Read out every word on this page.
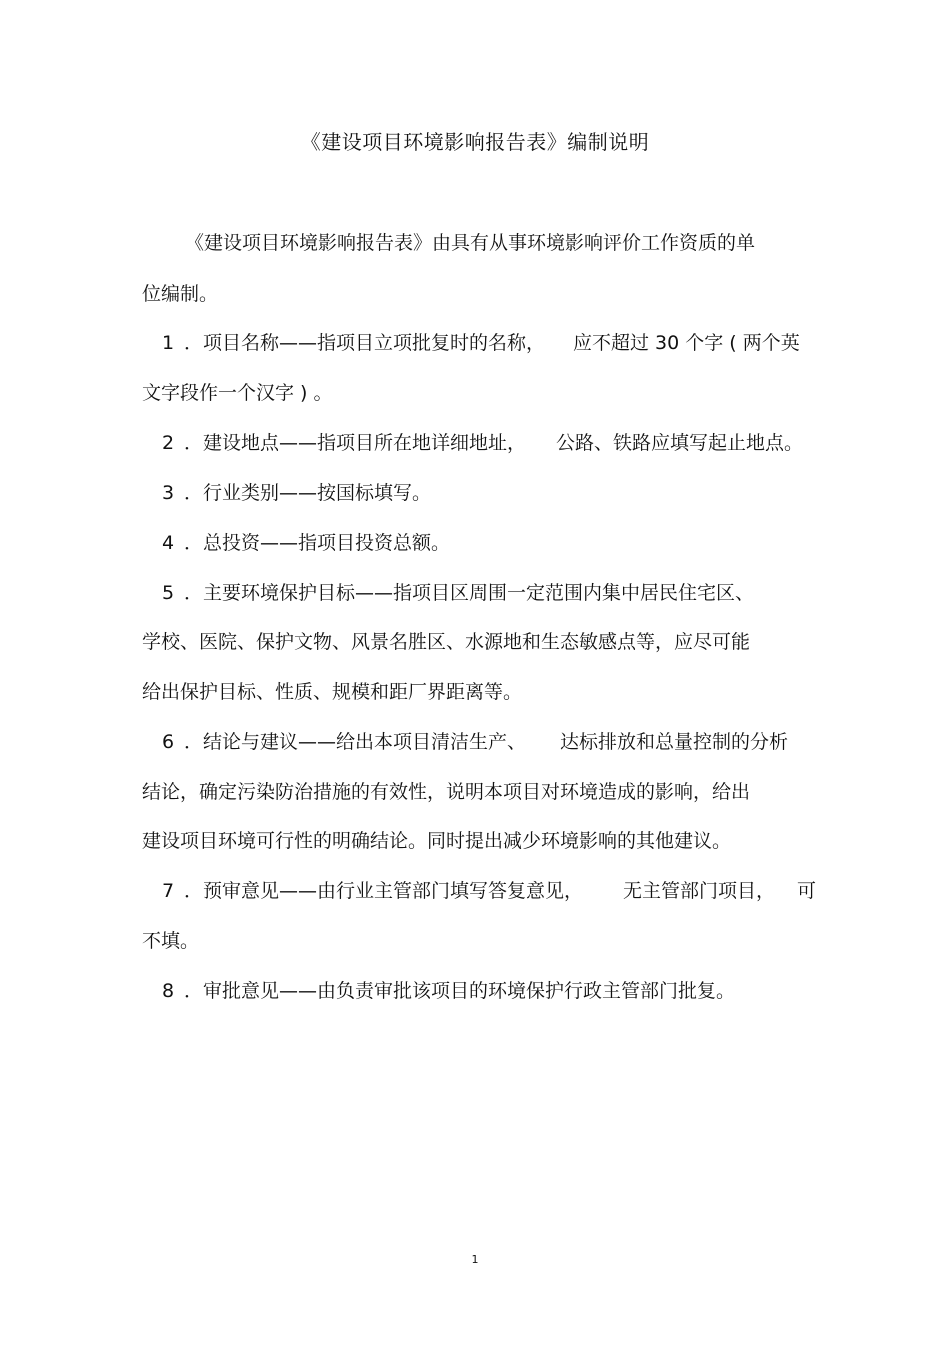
《建设项目环境影响报告表》编制说明
《建设项目环境影响报告表》由具有从事环境影响评价工作资质的单
位编制。
1 ．项目名称——指项目立项批复时的名称， 应不超过 30 个字 ( 两个英
文字段作一个汉字 ) 。
2 ．建设地点——指项目所在地详细地址， 公路、铁路应填写起止地点。
3 ．行业类别——按国标填写。
4 ．总投资——指项目投资总额。
5 ．主要环境保护目标——指项目区周围一定范围内集中居民住宅区、
学校、医院、保护文物、风景名胜区、水源地和生态敏感点等，应尽可能
给出保护目标、性质、规模和距厂界距离等。
6 ．结论与建议——给出本项目清洁生产、 达标排放和总量控制的分析
结论，确定污染防治措施的有效性，说明本项目对环境造成的影响，给出
建设项目环境可行性的明确结论。同时提出减少环境影响的其他建议。
7 ．预审意见——由行业主管部门填写答复意见， 无主管部门项目， 可
不填。
8 ．审批意见——由负责审批该项目的环境保护行政主管部门批复。
1
